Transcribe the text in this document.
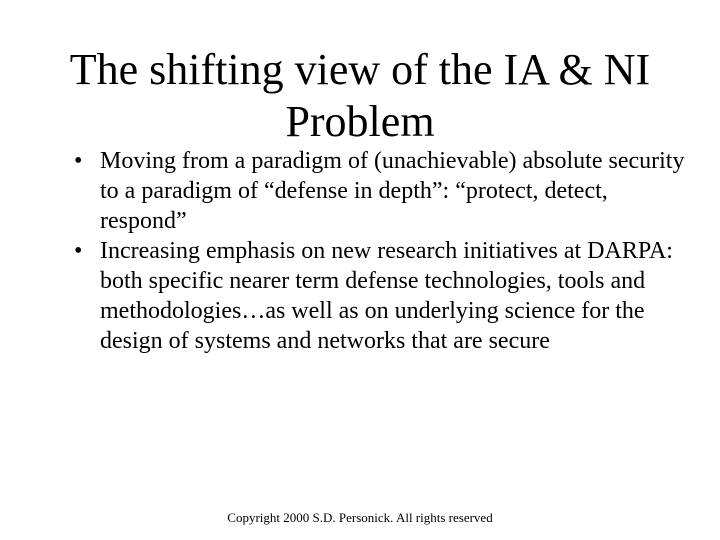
The shifting view of the IA & NI Problem
• Moving from a paradigm of (unachievable) absolute security to a paradigm of “defense in depth”: “protect, detect, respond”
• Increasing emphasis on new research initiatives at DARPA: both specific nearer term defense technologies, tools and methodologies…as well as on underlying science for the design of systems and networks that are secure
Copyright 2000 S.D. Personick. All rights reserved
